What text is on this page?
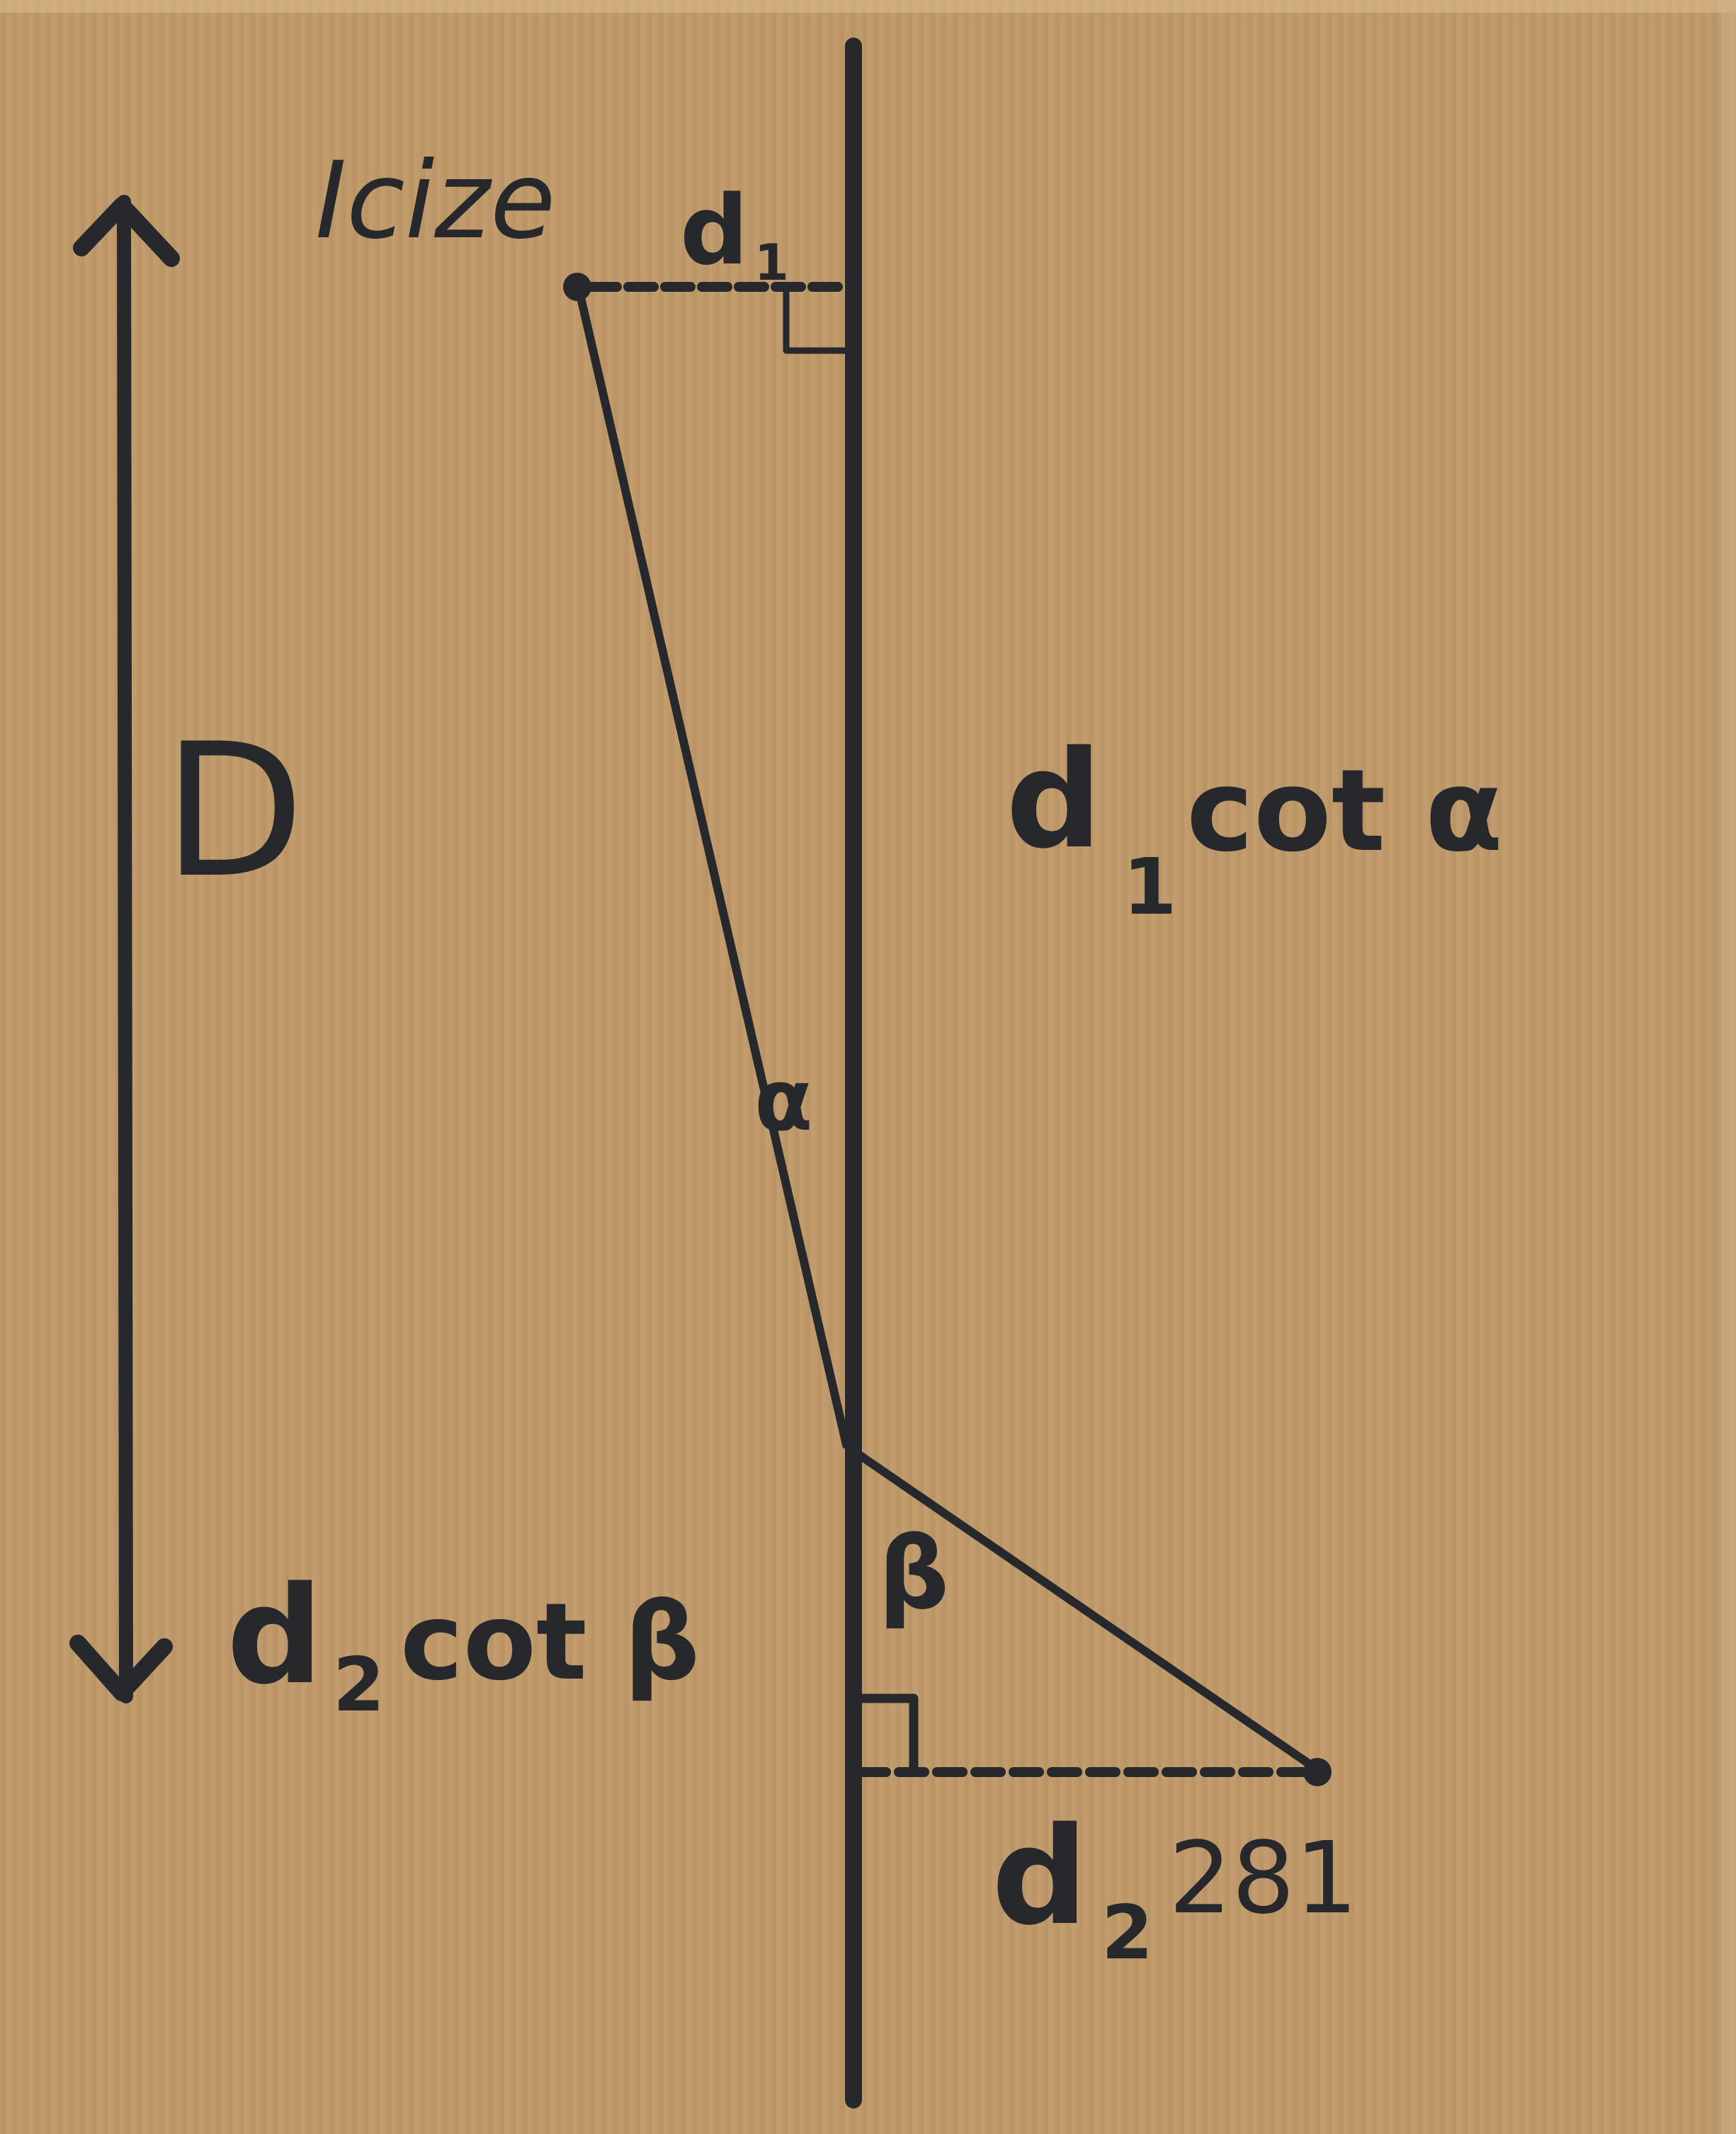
Icize d 1
D	d
1
cot α
α
β
d 2 cot β
d 2 281
